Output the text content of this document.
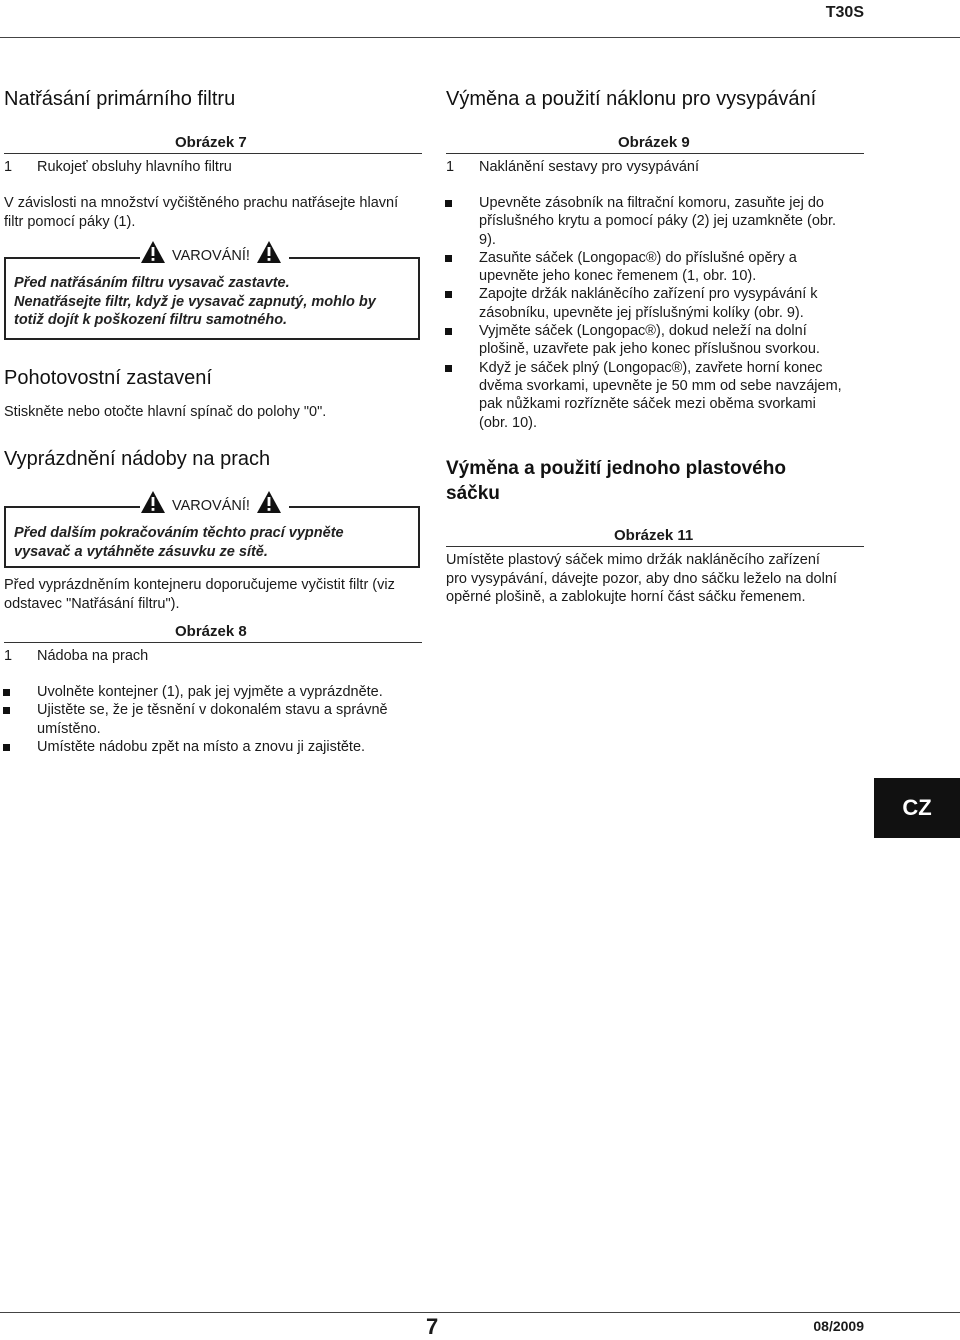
T30S
Natřásání primárního filtru
Obrázek 7
1 Rukojeť obsluhy hlavního filtru
V závislosti na množství vyčištěného prachu natřásejte hlavní
filtr pomocí páky (1).
VAROVÁNÍ!
Před natřásáním filtru vysavač zastavte.
Nenatřásejte filtr, když je vysavač zapnutý, mohlo by
totiž dojít k poškození filtru samotného.
Pohotovostní zastavení
Stiskněte nebo otočte hlavní spínač do polohy "0".
Vyprázdnění nádoby na prach
VAROVÁNÍ!
Před dalším pokračováním těchto prací vypněte
vysavač a vytáhněte zásuvku ze sítě.
Před vyprázdněním kontejneru doporučujeme vyčistit filtr (viz
odstavec "Natřásání filtru").
Obrázek 8
1 Nádoba na prach
Uvolněte kontejner (1), pak jej vyjměte a vyprázdněte.
Ujistěte se, že je těsnění v dokonalém stavu a správně
umístěno.
Umístěte nádobu zpět na místo a znovu ji zajistěte.
Výměna a použití náklonu pro vysypávání
Obrázek 9
1 Naklánění sestavy pro vysypávání
Upevněte zásobník na filtrační komoru, zasuňte jej do
příslušného krytu a pomocí páky (2) jej uzamkněte (obr.
9).
Zasuňte sáček (Longopac®) do příslušné opěry a
upevněte jeho konec řemenem (1, obr. 10).
Zapojte držák nakláněcího zařízení pro vysypávání k
zásobníku, upevněte jej příslušnými kolíky (obr. 9).
Vyjměte sáček (Longopac®), dokud neleží na dolní
plošině, uzavřete pak jeho konec příslušnou svorkou.
Když je sáček plný (Longopac®), zavřete horní konec
dvěma svorkami, upevněte je 50 mm od sebe navzájem,
pak nůžkami rozřízněte sáček mezi oběma svorkami
(obr. 10).
Výměna a použití jednoho plastového
sáčku
Obrázek 11
Umístěte plastový sáček mimo držák nakláněcího zařízení
pro vysypávání, dávejte pozor, aby dno sáčku leželo na dolní
opěrné plošině, a zablokujte horní část sáčku řemenem.
CZ
7	08/2009
